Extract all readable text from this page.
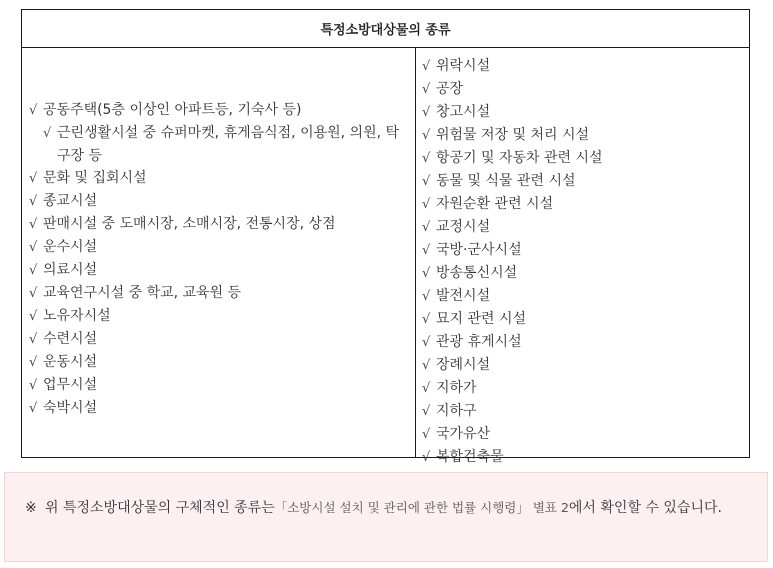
특정소방대상물의 종류
√ 공동주택(5층 이상인 아파트등, 기숙사 등)
√ 근린생활시설 중 슈퍼마켓, 휴게음식점, 이용원, 의원, 탁구장 등
√ 문화 및 집회시설
√ 종교시설
√ 판매시설 중 도매시장, 소매시장, 전통시장, 상점
√ 운수시설
√ 의료시설
√ 교육연구시설 중 학교, 교육원 등
√ 노유자시설
√ 수련시설
√ 운동시설
√ 업무시설
√ 숙박시설
√ 위락시설
√ 공장
√ 창고시설
√ 위험물 저장 및 처리 시설
√ 항공기 및 자동차 관련 시설
√ 동물 및 식물 관련 시설
√ 자원순환 관련 시설
√ 교정시설
√ 국방·군사시설
√ 방송통신시설
√ 발전시설
√ 묘지 관련 시설
√ 관광 휴게시설
√ 장례시설
√ 지하가
√ 지하구
√ 국가유산
√ 복합건축물
※ 위 특정소방대상물의 구체적인 종류는「소방시설 설치 및 관리에 관한 법률 시행령」 별표 2에서 확인할 수 있습니다.
